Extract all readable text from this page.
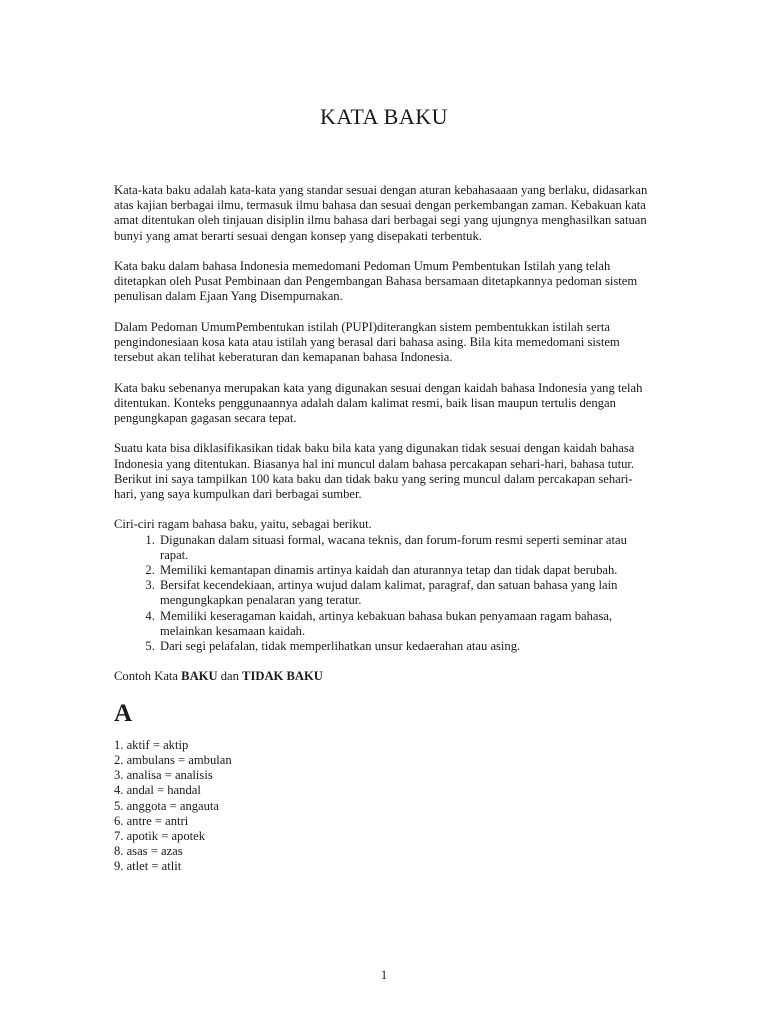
KATA BAKU

Kata-kata baku adalah kata-kata yang standar sesuai dengan aturan kebahasaaan yang berlaku, didasarkan atas kajian berbagai ilmu, termasuk ilmu bahasa dan sesuai dengan perkembangan zaman. Kebakuan kata amat ditentukan oleh tinjauan disiplin ilmu bahasa dari berbagai segi yang ujungnya menghasilkan satuan bunyi yang amat berarti sesuai dengan konsep yang disepakati terbentuk.

Kata baku dalam bahasa Indonesia memedomani Pedoman Umum Pembentukan Istilah yang telah ditetapkan oleh Pusat Pembinaan dan Pengembangan Bahasa bersamaan ditetapkannya pedoman sistem penulisan dalam Ejaan Yang Disempurnakan.

Dalam Pedoman UmumPembentukan istilah (PUPI)diterangkan sistem pembentukkan istilah serta pengindonesiaan kosa kata atau istilah yang berasal dari bahasa asing. Bila kita memedomani sistem tersebut akan telihat keberaturan dan kemapanan bahasa Indonesia.

Kata baku sebenanya merupakan kata yang digunakan sesuai dengan kaidah bahasa Indonesia yang telah ditentukan. Konteks penggunaannya adalah dalam kalimat resmi, baik lisan maupun tertulis dengan pengungkapan gagasan secara tepat.

Suatu kata bisa diklasifikasikan tidak baku bila kata yang digunakan tidak sesuai dengan kaidah bahasa Indonesia yang ditentukan. Biasanya hal ini muncul dalam bahasa percakapan sehari-hari, bahasa tutur. Berikut ini saya tampilkan 100 kata baku dan tidak baku yang sering muncul dalam percakapan sehari-hari, yang saya kumpulkan dari berbagai sumber.

Ciri-ciri ragam bahasa baku, yaitu, sebagai berikut.
1. Digunakan dalam situasi formal, wacana teknis, dan forum-forum resmi seperti seminar atau rapat.
2. Memiliki kemantapan dinamis artinya kaidah dan aturannya tetap dan tidak dapat berubah.
3. Bersifat kecendekiaan, artinya wujud dalam kalimat, paragraf, dan satuan bahasa yang lain mengungkapkan penalaran yang teratur.
4. Memiliki keseragaman kaidah, artinya kebakuan bahasa bukan penyamaan ragam bahasa, melainkan kesamaan kaidah.
5. Dari segi pelafalan, tidak memperlihatkan unsur kedaerahan atau asing.

Contoh Kata BAKU dan TIDAK BAKU

A
1. aktif = aktip
2. ambulans = ambulan
3. analisa = analisis
4. andal = handal
5. anggota = angauta
6. antre = antri
7. apotik = apotek
8. asas = azas
9. atlet = atlit
1
